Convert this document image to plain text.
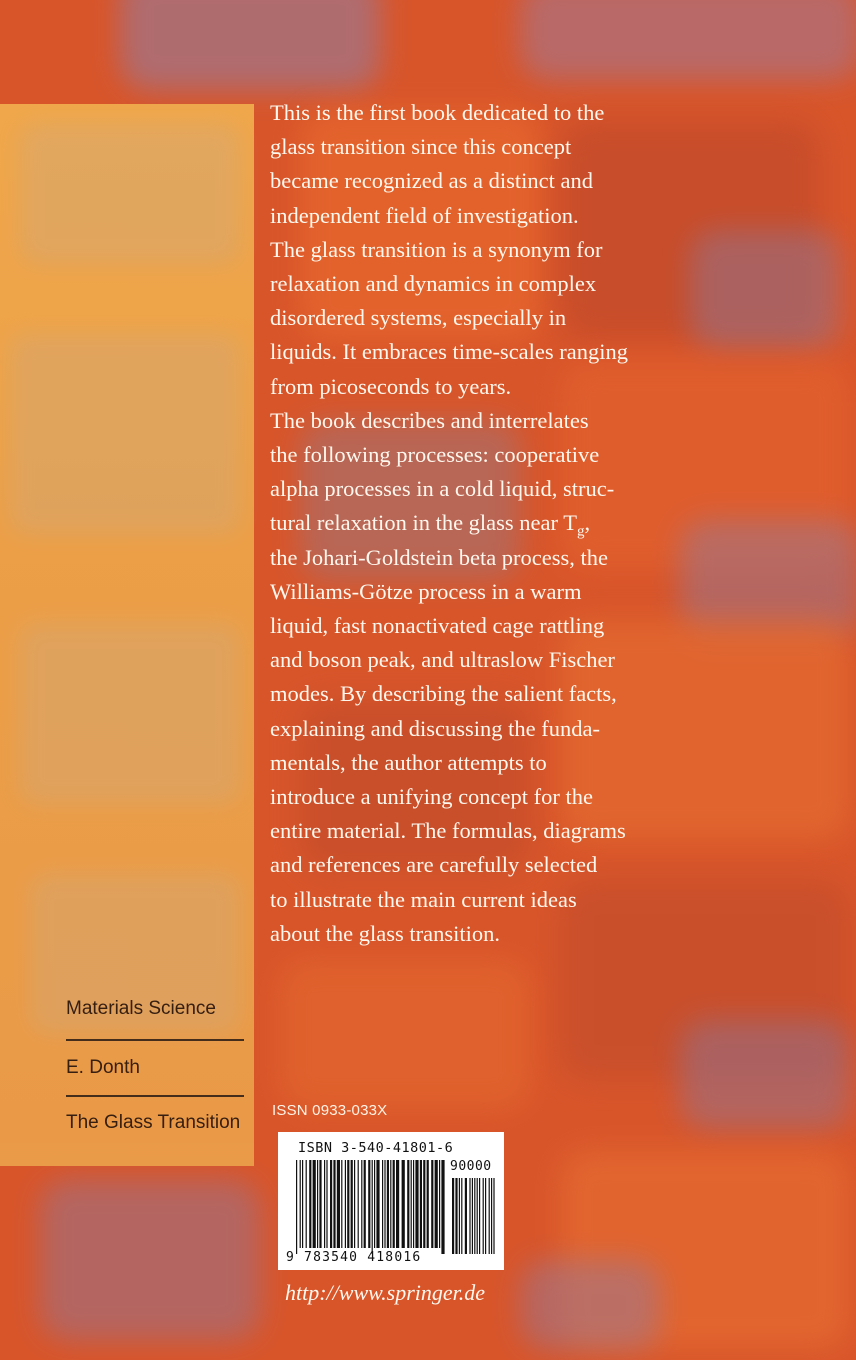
Materials Science
E. Donth
The Glass Transition
This is the first book dedicated to the
glass transition since this concept
became recognized as a distinct and
independent field of investigation.
The glass transition is a synonym for
relaxation and dynamics in complex
disordered systems, especially in
liquids. It embraces time-scales ranging
from picoseconds to years.
The book describes and interrelates
the following processes: cooperative
alpha processes in a cold liquid, struc-
tural relaxation in the glass near $T_g$,
the Johari-Goldstein beta process, the
Williams-Götze process in a warm
liquid, fast nonactivated cage rattling
and boson peak, and ultraslow Fischer
modes. By describing the salient facts,
explaining and discussing the funda-
mentals, the author attempts to
introduce a unifying concept for the
entire material. The formulas, diagrams
and references are carefully selected
to illustrate the main current ideas
about the glass transition.
ISSN 0933-033X
ISBN 3-540-41801-6
90000
9 783540 418016
http://www.springer.de
